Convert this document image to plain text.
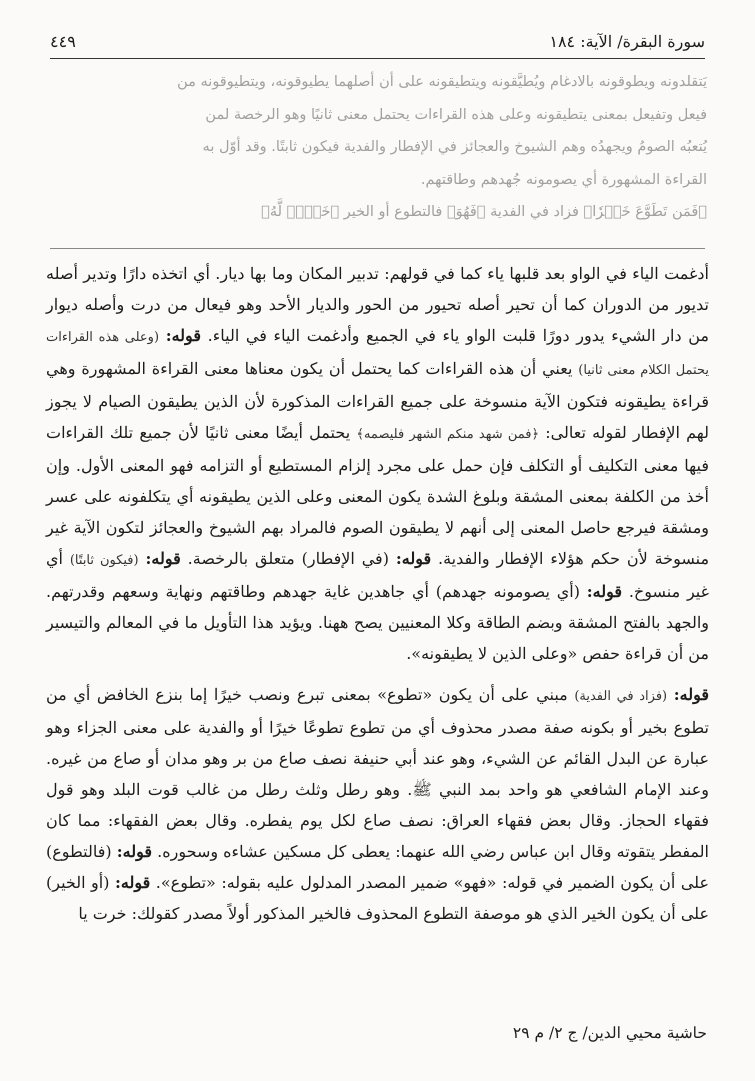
سورة البقرة/ الآية: ١٨٤
٤٤٩

يَتقلدونه ويطوقونه بالادغام ويُطيَّقونه ويتطيقونه على أن أصلهما يطيوقونه، ويتطيوقونه من

فيعل وتفيعل بمعنى يتطيقونه وعلى هذه القراءات يحتمل معنى ثانيًا وهو الرخصة لمن

يُتعبُه الصومُ ويجهدُه وهم الشيوخ والعجائز في الإفطار والفدية فيكون ثابتًا. وقد أوّل به

القراءة المشهورة أي يصومونه جُهدهم وطاقتهم.

﴿فَمَن تَطَوَّعَ خَيۡرٗا﴾ فزاد في الفدية ﴿فَهُوَ﴾ فالتطوع أو الخير ﴿خَيۡرٞ لَّهُ﴾

أدغمت الياء في الواو بعد قلبها ياء كما في قولهم: تدبير المكان وما بها ديار. أي اتخذه دارًا وتدير أصله تديور من الدوران كما أن تحير أصله تحيور من الحور والديار الأحد وهو فيعال من درت وأصله ديوار من دار الشيء يدور دورًا قلبت الواو ياء في الجميع وأدغمت الياء في الياء. قوله: (وعلى هذه القراءات يحتمل الكلام معنى ثانيا) يعني أن هذه القراءات كما يحتمل أن يكون معناها معنى القراءة المشهورة وهي قراءة يطيقونه فتكون الآية منسوخة على جميع القراءات المذكورة لأن الذين يطيقون الصيام لا يجوز لهم الإفطار لقوله تعالى: ﴿فمن شهد منكم الشهر فليصمه﴾ يحتمل أيضًا معنى ثانيًا لأن جميع تلك القراءات فيها معنى التكليف أو التكلف فإن حمل على مجرد إلزام المستطيع أو التزامه فهو المعنى الأول. وإن أخذ من الكلفة بمعنى المشقة وبلوغ الشدة يكون المعنى وعلى الذين يطيقونه أي يتكلفونه على عسر ومشقة فيرجع حاصل المعنى إلى أنهم لا يطيقون الصوم فالمراد بهم الشيوخ والعجائز لتكون الآية غير منسوخة لأن حكم هؤلاء الإفطار والفدية. قوله: (في الإفطار) متعلق بالرخصة. قوله: (فيكون ثابتًا) أي غير منسوخ. قوله: (أي يصومونه جهدهم) أي جاهدين غاية جهدهم وطاقتهم ونهاية وسعهم وقدرتهم. والجهد بالفتح المشقة وبضم الطاقة وكلا المعنيين يصح ههنا. ويؤيد هذا التأويل ما في المعالم والتيسير من أن قراءة حفص «وعلى الذين لا يطيقونه».

قوله: (فزاد في الفدية) مبني على أن يكون «تطوع» بمعنى تبرع ونصب خيرًا إما بنزع الخافض أي من تطوع بخير أو بكونه صفة مصدر محذوف أي من تطوع تطوعًا خيرًا أو والفدية على معنى الجزاء وهو عبارة عن البدل القائم عن الشيء، وهو عند أبي حنيفة نصف صاع من بر وهو مدان أو صاع من غيره. وعند الإمام الشافعي هو واحد بمد النبي ﷺ. وهو رطل وثلث رطل من غالب قوت البلد وهو قول فقهاء الحجاز. وقال بعض فقهاء العراق: نصف صاع لكل يوم يفطره. وقال بعض الفقهاء: مما كان المفطر يتقوته وقال ابن عباس رضي الله عنهما: يعطى كل مسكين عشاءه وسحوره. قوله: (فالتطوع) على أن يكون الضمير في قوله: «فهو» ضمير المصدر المدلول عليه بقوله: «تطوع». قوله: (أو الخير) على أن يكون الخير الذي هو موصفة التطوع المحذوف فالخير المذكور أولاً مصدر كقولك: خرت يا

حاشية محيي الدين/ ج ٢/ م ٢٩
